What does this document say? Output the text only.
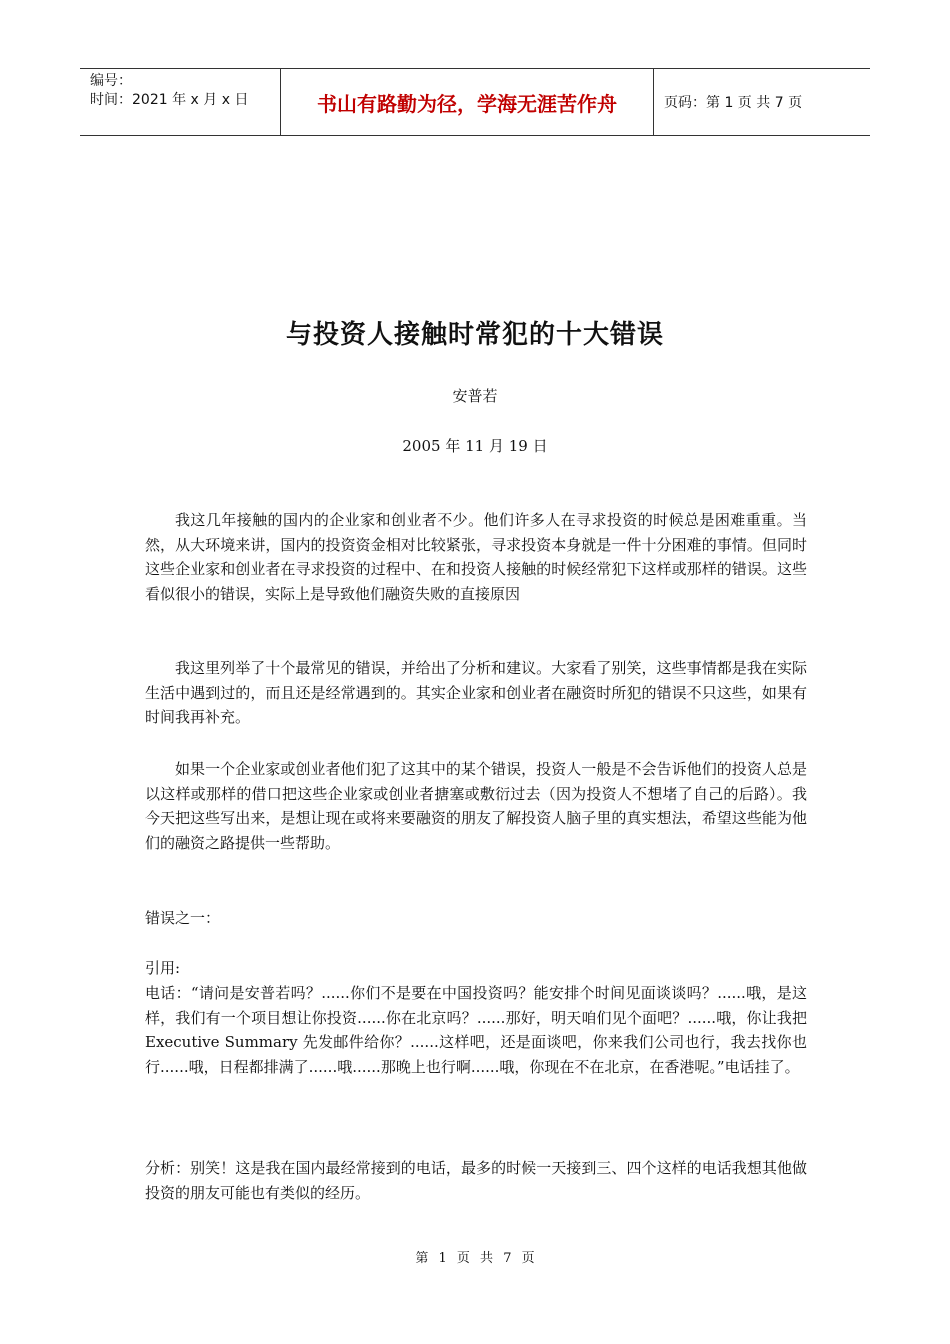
编号：
时间：2021 年 x 月 x 日	书山有路勤为径，学海无涯苦作舟	页码：第 1 页 共 7 页
与投资人接触时常犯的十大错误
安普若
2005 年 11 月 19 日

我这几年接触的国内的企业家和创业者不少。他们许多人在寻求投资的时候总是困难重重。当然，从大环境来讲，国内的投资资金相对比较紧张，寻求投资本身就是一件十分困难的事情。但同时这些企业家和创业者在寻求投资的过程中、在和投资人接触的时候经常犯下这样或那样的错误。这些看似很小的错误，实际上是导致他们融资失败的直接原因

我这里列举了十个最常见的错误，并给出了分析和建议。大家看了别笑，这些事情都是我在实际生活中遇到过的，而且还是经常遇到的。其实企业家和创业者在融资时所犯的错误不只这些，如果有时间我再补充。

如果一个企业家或创业者他们犯了这其中的某个错误，投资人一般是不会告诉他们的投资人总是以这样或那样的借口把这些企业家或创业者搪塞或敷衍过去（因为投资人不想堵了自己的后路）。我今天把这些写出来，是想让现在或将来要融资的朋友了解投资人脑子里的真实想法，希望这些能为他们的融资之路提供一些帮助。

错误之一：

引用:

电话：“请问是安普若吗？......你们不是要在中国投资吗？能安排个时间见面谈谈吗？......哦，是这样，我们有一个项目想让你投资......你在北京吗？......那好，明天咱们见个面吧？......哦，你让我把 Executive Summary 先发邮件给你？......这样吧，还是面谈吧，你来我们公司也行，我去找你也行......哦，日程都排满了......哦......那晚上也行啊......哦，你现在不在北京，在香港呢。”电话挂了。

分析：别笑！这是我在国内最经常接到的电话，最多的时候一天接到三、四个这样的电话我想其他做投资的朋友可能也有类似的经历。

第 1 页 共 7 页
